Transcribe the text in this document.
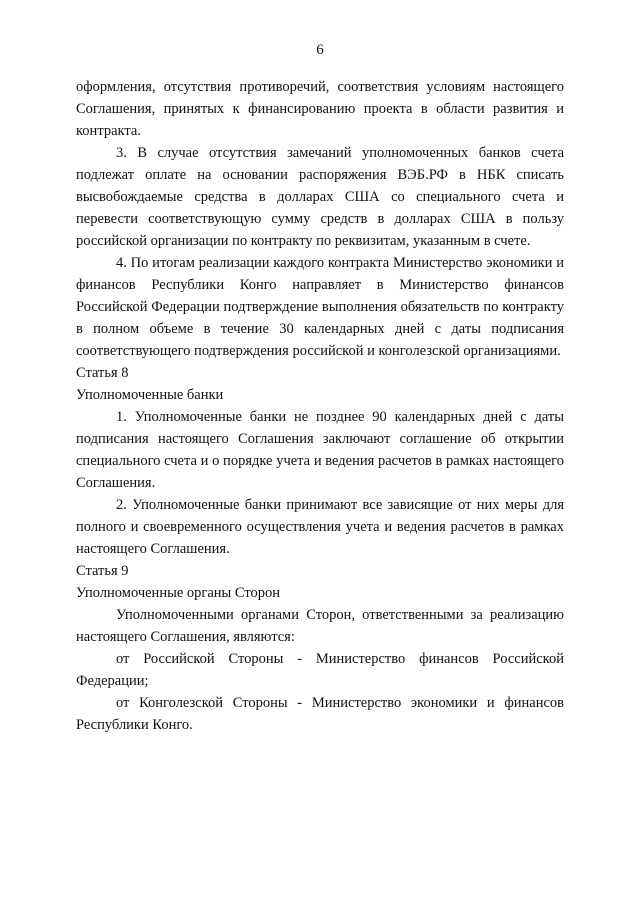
6

оформления, отсутствия противоречий, соответствия условиям настоящего Соглашения, принятых к финансированию проекта в области развития и контракта.

3. В случае отсутствия замечаний уполномоченных банков счета подлежат оплате на основании распоряжения ВЭБ.РФ в НБК списать высвобождаемые средства в долларах США со специального счета и перевести соответствующую сумму средств в долларах США в пользу российской организации по контракту по реквизитам, указанным в счете.

4. По итогам реализации каждого контракта Министерство экономики и финансов Республики Конго направляет в Министерство финансов Российской Федерации подтверждение выполнения обязательств по контракту в полном объеме в течение 30 календарных дней с даты подписания соответствующего подтверждения российской и конголезской организациями.

Статья 8

Уполномоченные банки

1. Уполномоченные банки не позднее 90 календарных дней с даты подписания настоящего Соглашения заключают соглашение об открытии специального счета и о порядке учета и ведения расчетов в рамках настоящего Соглашения.

2. Уполномоченные банки принимают все зависящие от них меры для полного и своевременного осуществления учета и ведения расчетов в рамках настоящего Соглашения.

Статья 9

Уполномоченные органы Сторон

Уполномоченными органами Сторон, ответственными за реализацию настоящего Соглашения, являются:

от Российской Стороны - Министерство финансов Российской Федерации;

от Конголезской Стороны - Министерство экономики и финансов Республики Конго.
